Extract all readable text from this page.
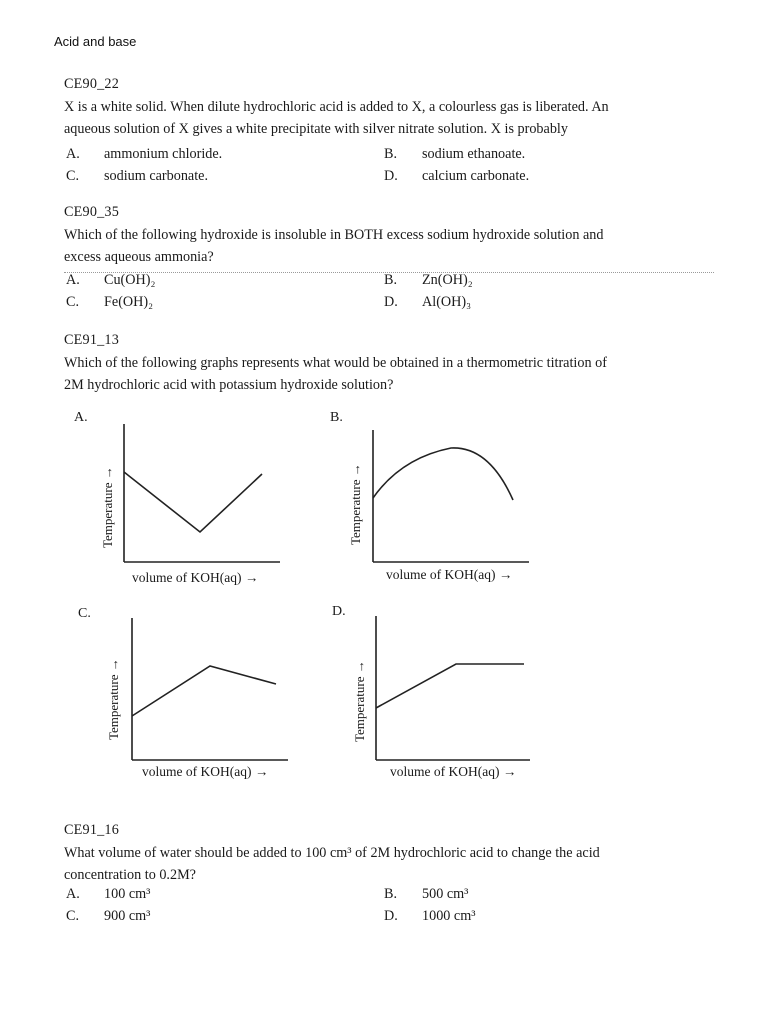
Acid and base
CE90_22
X is a white solid. When dilute hydrochloric acid is added to X, a colourless gas is liberated. An
aqueous solution of X gives a white precipitate with silver nitrate solution. X is probably
A.	ammonium chloride.	B.	sodium ethanoate.
C.	sodium carbonate.	D.	calcium carbonate.
CE90_35
Which of the following hydroxide is insoluble in BOTH excess sodium hydroxide solution and
excess aqueous ammonia?
A.	Cu(OH)₂	B.	Zn(OH)₂
C.	Fe(OH)₂	D.	Al(OH)₃
CE91_13
Which of the following graphs represents what would be obtained in a thermometric titration of
2M hydrochloric acid with potassium hydroxide solution?
CE91_16
What volume of water should be added to 100 cm³ of 2M hydrochloric acid to change the acid
concentration to 0.2M?
A.	100 cm³	B.	500 cm³
C.	900 cm³	D.	1000 cm³
A.
Temperature →
volume of KOH(aq) →
B.
Temperature →
volume of KOH(aq) →
C.
Temperature →
volume of KOH(aq) →
D.
Temperature →
volume of KOH(aq) →
